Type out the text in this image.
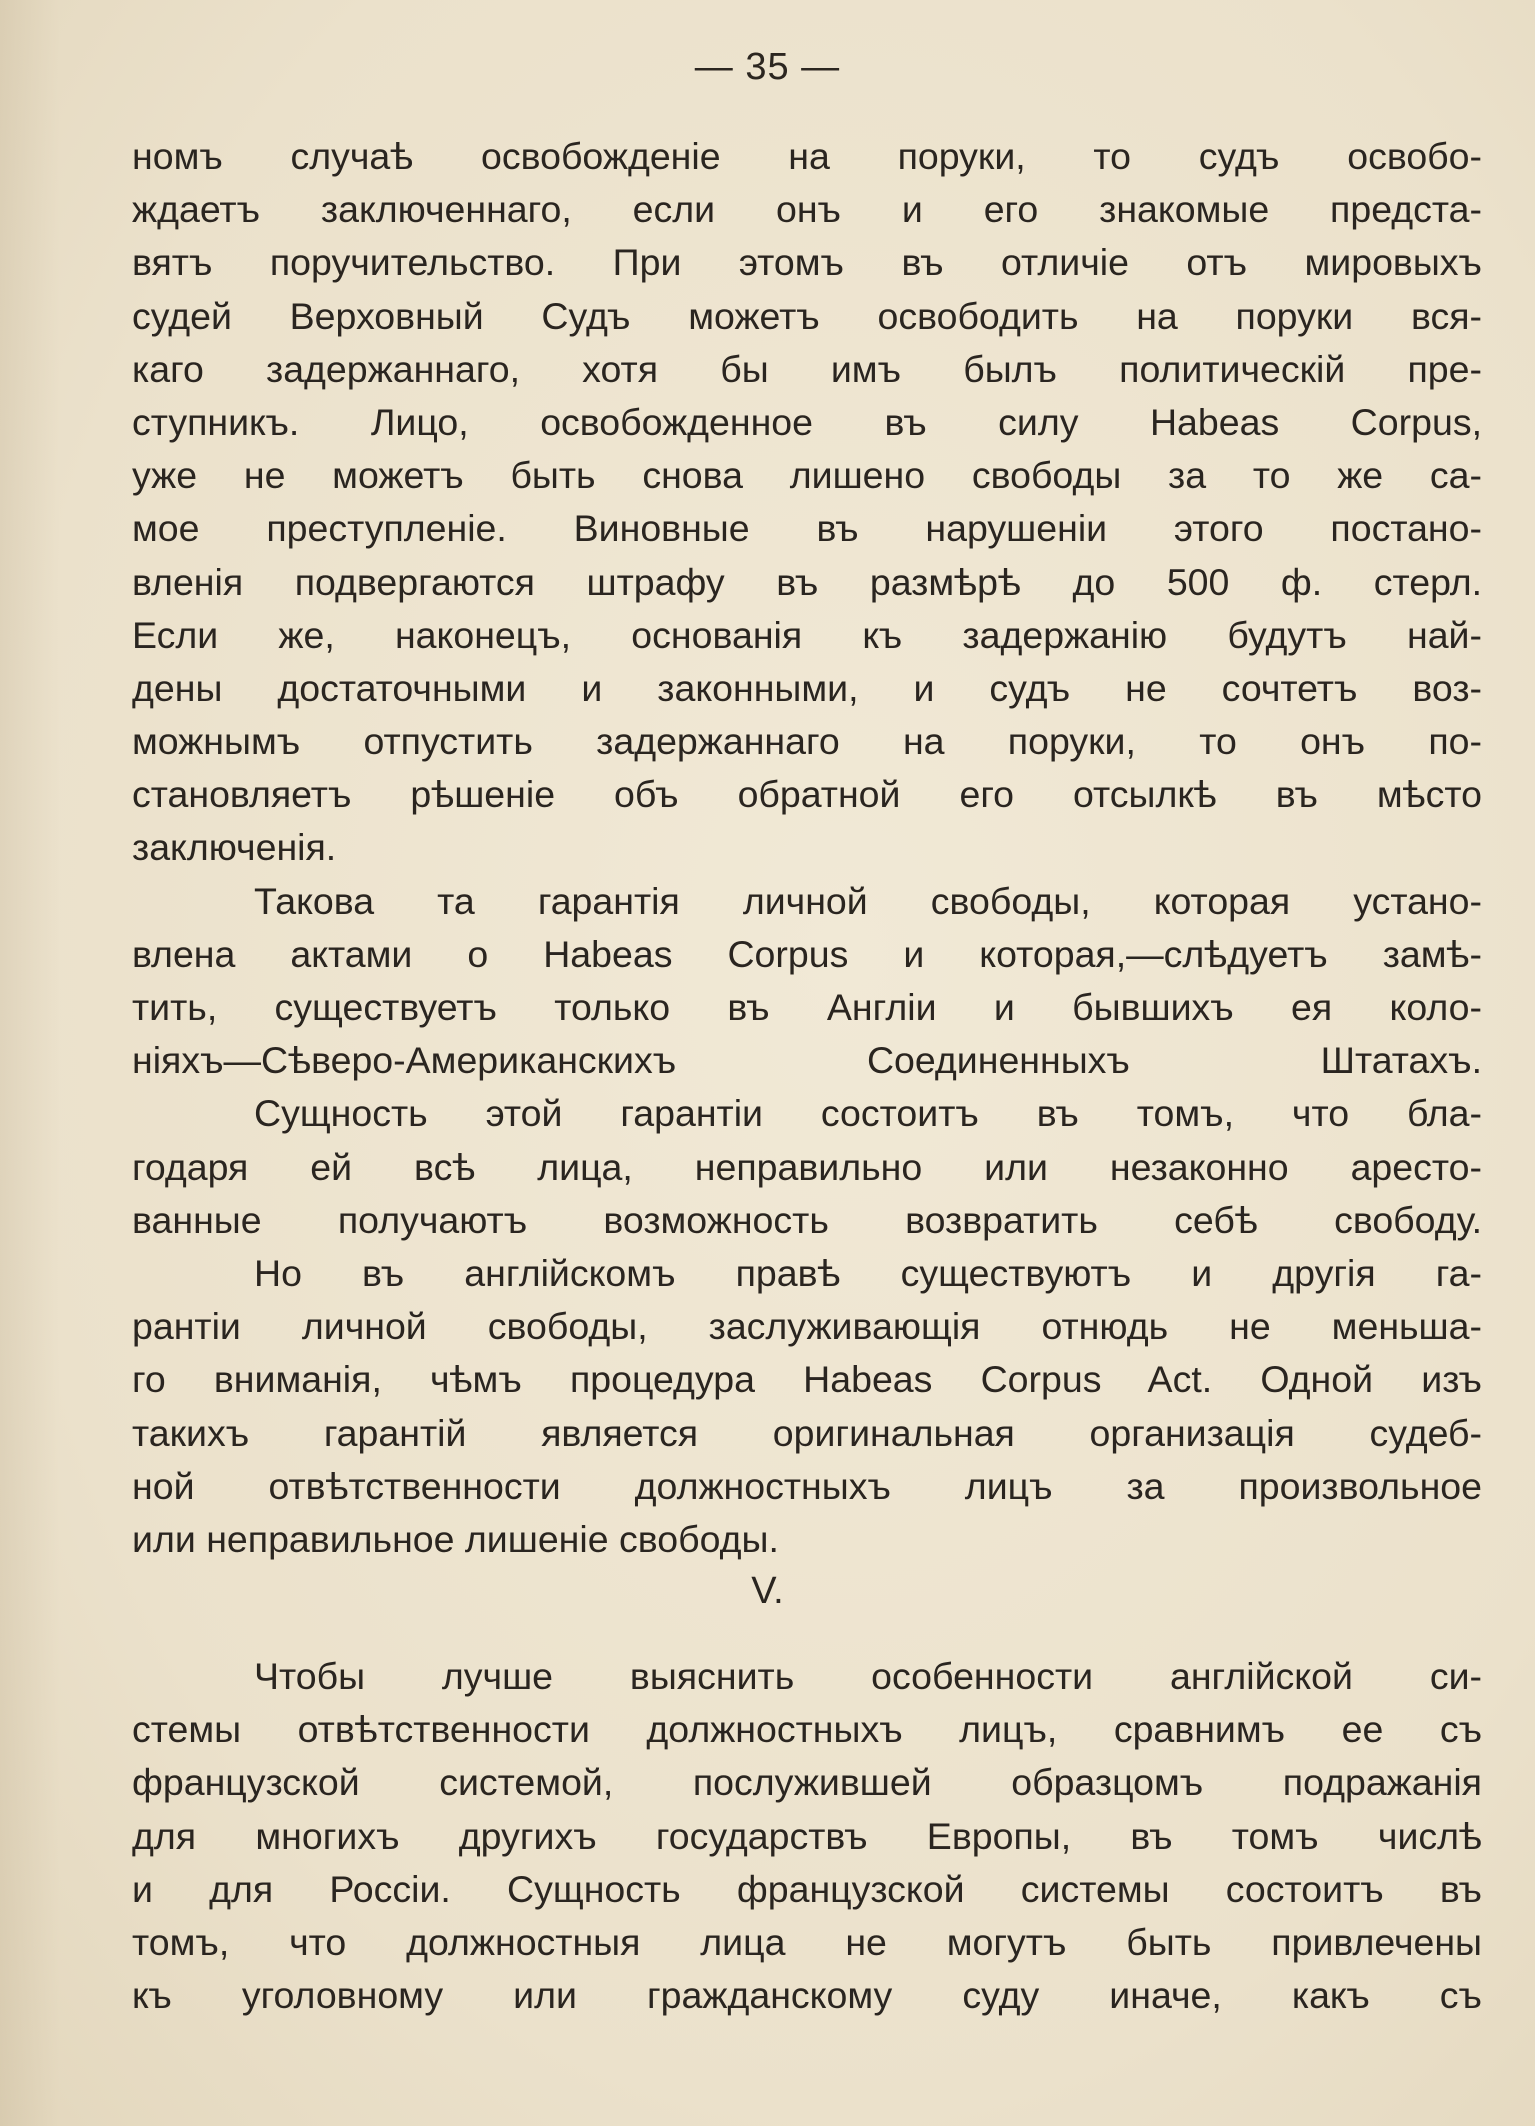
— 35 —
номъ случаѣ освобожденіе на поруки, то судъ освобо-
ждаетъ заключеннаго, если онъ и его знакомые предста-
вятъ поручительство. При этомъ въ отличіе отъ мировыхъ
судей Верховный Судъ можетъ освободить на поруки вся-
каго задержаннаго, хотя бы имъ былъ политическій пре-
ступникъ. Лицо, освобожденное въ силу Habeas Corpus,
уже не можетъ быть снова лишено свободы за то же са-
мое преступленіе. Виновные въ нарушеніи этого постано-
вленія подвергаются штрафу въ размѣрѣ до 500 ф. стерл.
Если же, наконецъ, основанія къ задержанію будутъ най-
дены достаточными и законными, и судъ не сочтетъ воз-
можнымъ отпустить задержаннаго на поруки, то онъ по-
становляетъ рѣшеніе объ обратной его отсылкѣ въ мѣсто
заключенія.
Такова та гарантія личной свободы, которая устано-
влена актами о Habeas Corpus и которая,—слѣдуетъ замѣ-
тить, существуетъ только въ Англіи и бывшихъ ея коло-
ніяхъ—Сѣверо-Американскихъ Соединенныхъ Штатахъ.
Сущность этой гарантіи состоитъ въ томъ, что бла-
годаря ей всѣ лица, неправильно или незаконно аресто-
ванные получаютъ возможность возвратить себѣ свободу.
Но въ англійскомъ правѣ существуютъ и другія га-
рантіи личной свободы, заслуживающія отнюдь не меньша-
го вниманія, чѣмъ процедура Habeas Corpus Act. Одной изъ
такихъ гарантій является оригинальная организація судеб-
ной отвѣтственности должностныхъ лицъ за произвольное
или неправильное лишеніе свободы.
V.
Чтобы лучше выяснить особенности англійской си-
стемы отвѣтственности должностныхъ лицъ, сравнимъ ее съ
французской системой, послужившей образцомъ подражанія
для многихъ другихъ государствъ Европы, въ томъ числѣ
и для Россіи. Сущность французской системы состоитъ въ
томъ, что должностныя лица не могутъ быть привлечены
къ уголовному или гражданскому суду иначе, какъ съ
